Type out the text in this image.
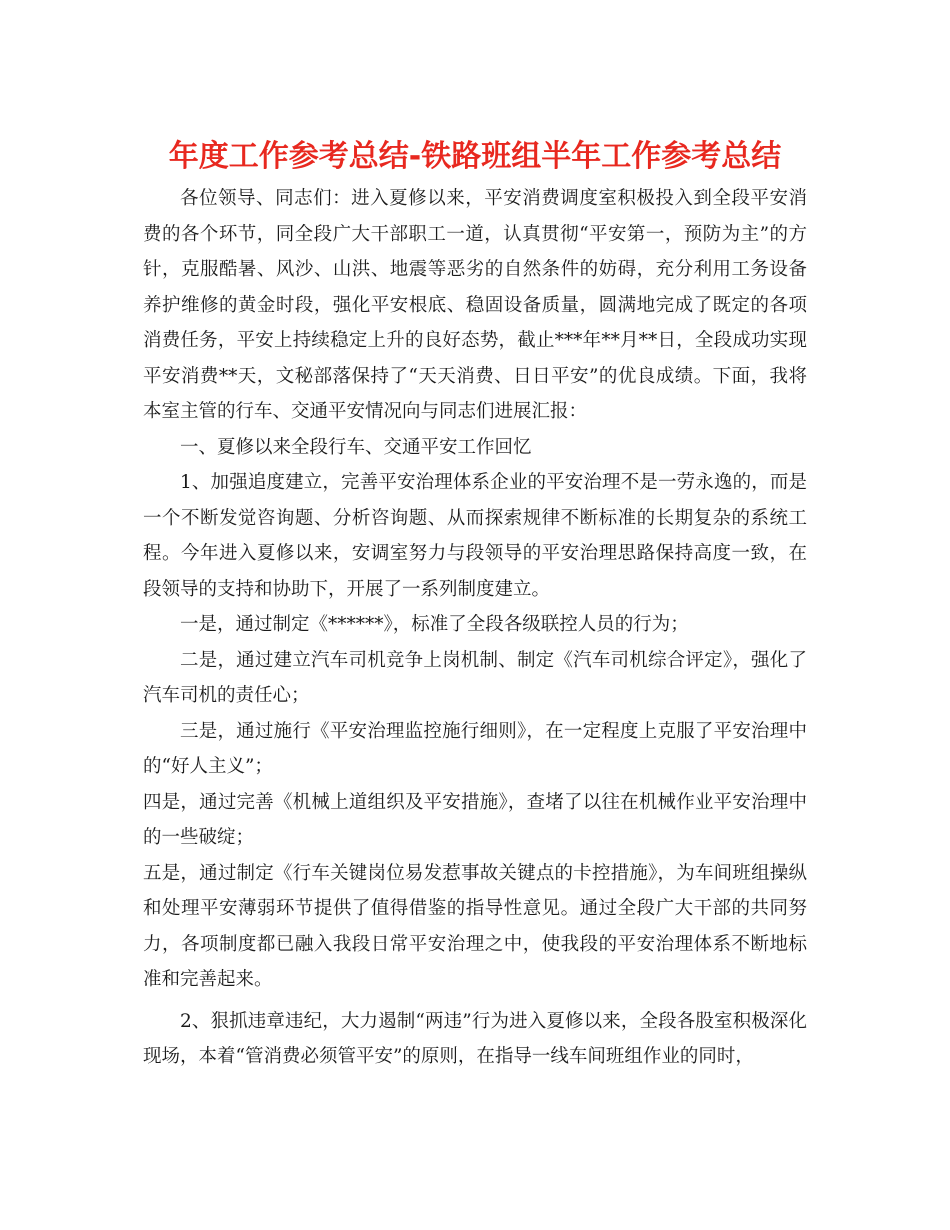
年度工作参考总结-铁路班组半年工作参考总结

各位领导、同志们：进入夏修以来，平安消费调度室积极投入到全段平安消费的各个环节，同全段广大干部职工一道，认真贯彻“平安第一，预防为主”的方针，克服酷暑、风沙、山洪、地震等恶劣的自然条件的妨碍，充分利用工务设备养护维修的黄金时段，强化平安根底、稳固设备质量，圆满地完成了既定的各项消费任务，平安上持续稳定上升的良好态势，截止***年**月**日，全段成功实现平安消费**天，文秘部落保持了“天天消费、日日平安”的优良成绩。下面，我将本室主管的行车、交通平安情况向与同志们进展汇报：

一、夏修以来全段行车、交通平安工作回忆

1、加强追度建立，完善平安治理体系企业的平安治理不是一劳永逸的，而是一个不断发觉咨询题、分析咨询题、从而探索规律不断标准的长期复杂的系统工程。今年进入夏修以来，安调室努力与段领导的平安治理思路保持高度一致，在段领导的支持和协助下，开展了一系列制度建立。

一是，通过制定《******》，标准了全段各级联控人员的行为；

二是，通过建立汽车司机竞争上岗机制、制定《汽车司机综合评定》，强化了汽车司机的责任心；

三是，通过施行《平安治理监控施行细则》，在一定程度上克服了平安治理中的“好人主义”；

四是，通过完善《机械上道组织及平安措施》，查堵了以往在机械作业平安治理中的一些破绽；

五是，通过制定《行车关键岗位易发惹事故关键点的卡控措施》，为车间班组操纵和处理平安薄弱环节提供了值得借鉴的指导性意见。通过全段广大干部的共同努力，各项制度都已融入我段日常平安治理之中，使我段的平安治理体系不断地标准和完善起来。

2、狠抓违章违纪，大力遏制“两违”行为进入夏修以来，全段各股室积极深化现场，本着“管消费必须管平安”的原则，在指导一线车间班组作业的同时，
